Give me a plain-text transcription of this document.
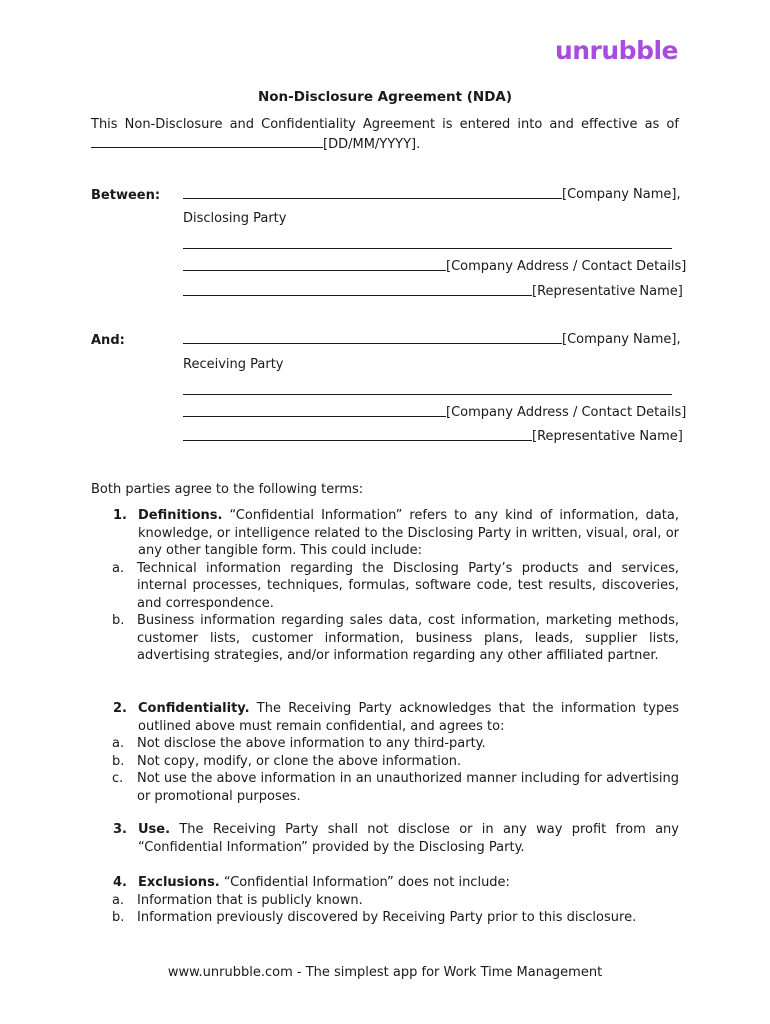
unrubble
Non-Disclosure Agreement (NDA)
This Non-Disclosure and Confidentiality Agreement is entered into and effective as of
[DD/MM/YYYY].
Between:	[Company Name],
Disclosing Party
[Company Address / Contact Details]
[Representative Name]
And:	[Company Name],
Receiving Party
[Company Address / Contact Details]
[Representative Name]
Both parties agree to the following terms:
1. Definitions. “Confidential Information” refers to any kind of information, data, knowledge, or intelligence related to the Disclosing Party in written, visual, oral, or any other tangible form. This could include:
a. Technical information regarding the Disclosing Party’s products and services, internal processes, techniques, formulas, software code, test results, discoveries, and correspondence.
b. Business information regarding sales data, cost information, marketing methods, customer lists, customer information, business plans, leads, supplier lists, advertising strategies, and/or information regarding any other affiliated partner.
2. Confidentiality. The Receiving Party acknowledges that the information types outlined above must remain confidential, and agrees to:
a. Not disclose the above information to any third-party.
b. Not copy, modify, or clone the above information.
c. Not use the above information in an unauthorized manner including for advertising or promotional purposes.
3. Use. The Receiving Party shall not disclose or in any way profit from any “Confidential Information” provided by the Disclosing Party.
4. Exclusions. “Confidential Information” does not include:
a. Information that is publicly known.
b. Information previously discovered by Receiving Party prior to this disclosure.
www.unrubble.com - The simplest app for Work Time Management
